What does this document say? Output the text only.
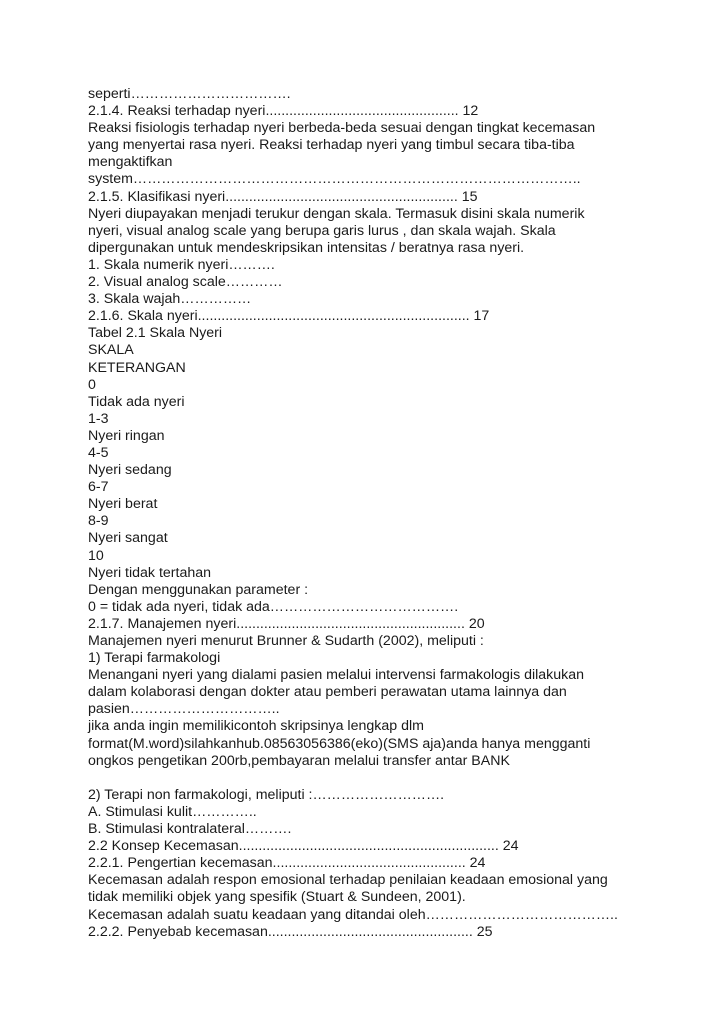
seperti…………………………….
2.1.4. Reaksi terhadap nyeri................................................. 12
Reaksi fisiologis terhadap nyeri berbeda-beda sesuai dengan tingkat kecemasan
yang menyertai rasa nyeri. Reaksi terhadap nyeri yang timbul secara tiba-tiba
mengaktifkan
system…………………………………………………………………………………..
2.1.5. Klasifikasi nyeri........................................................... 15
Nyeri diupayakan menjadi terukur dengan skala. Termasuk disini skala numerik
nyeri, visual analog scale yang berupa garis lurus , dan skala wajah. Skala
dipergunakan untuk mendeskripsikan intensitas / beratnya rasa nyeri.
1. Skala numerik nyeri……….
2. Visual analog scale…………
3. Skala wajah……………
2.1.6. Skala nyeri..................................................................... 17
Tabel 2.1 Skala Nyeri
SKALA
KETERANGAN
0
Tidak ada nyeri
1-3
Nyeri ringan
4-5
Nyeri sedang
6-7
Nyeri berat
8-9
Nyeri sangat
10
Nyeri tidak tertahan
Dengan menggunakan parameter :
0 = tidak ada nyeri, tidak ada………………………………….
2.1.7. Manajemen nyeri.......................................................... 20
Manajemen nyeri menurut Brunner & Sudarth (2002), meliputi :
1) Terapi farmakologi
Menangani nyeri yang dialami pasien melalui intervensi farmakologis dilakukan
dalam kolaborasi dengan dokter atau pemberi perawatan utama lainnya dan
pasien…………………………..
jika anda ingin memilikicontoh skripsinya lengkap dlm
format(M.word)silahkanhub.08563056386(eko)(SMS aja)anda hanya mengganti
ongkos pengetikan 200rb,pembayaran melalui transfer antar BANK
2) Terapi non farmakologi, meliputi :……………………….
A. Stimulasi kulit…………..
B. Stimulasi kontralateral……….
2.2 Konsep Kecemasan.................................................................. 24
2.2.1. Pengertian kecemasan................................................. 24
Kecemasan adalah respon emosional terhadap penilaian keadaan emosional yang
tidak memiliki objek yang spesifik (Stuart & Sundeen, 2001).
Kecemasan adalah suatu keadaan yang ditandai oleh…………………………………..
2.2.2. Penyebab kecemasan.................................................... 25
